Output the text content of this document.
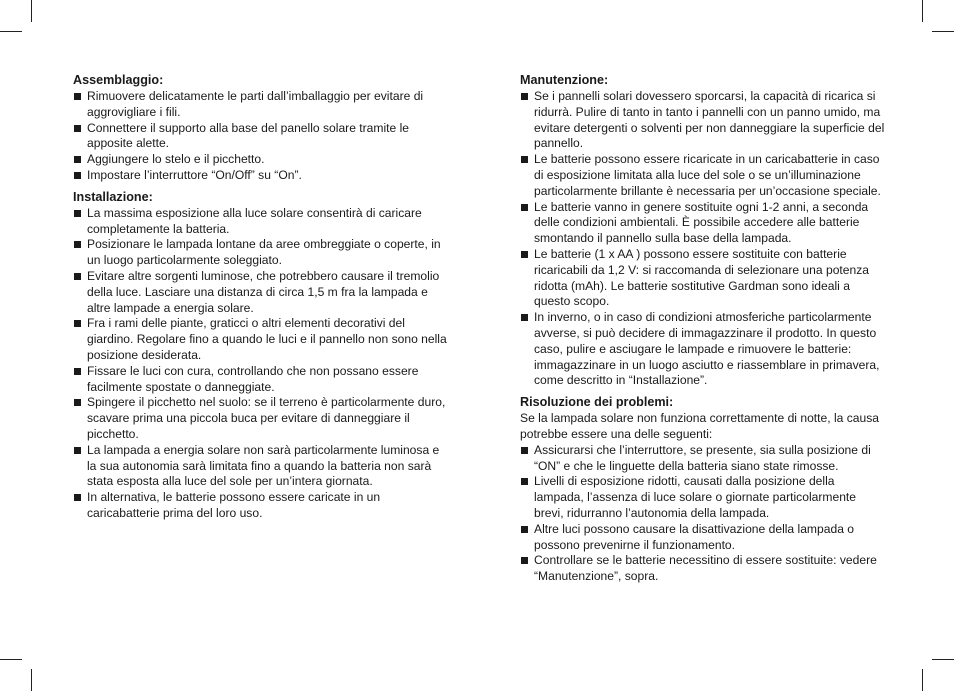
Assemblaggio:
Rimuovere delicatamente le parti dall’imballaggio per evitare di aggrovigliare i fili.
Connettere il supporto alla base del panello solare tramite le apposite alette.
Aggiungere lo stelo e il picchetto.
Impostare l’interruttore “On/Off” su “On”.
Installazione:
La massima esposizione alla luce solare consentirà di caricare completamente la batteria.
Posizionare le lampada lontane da aree ombreggiate o coperte, in un luogo particolarmente soleggiato.
Evitare altre sorgenti luminose, che potrebbero causare il tremolio della luce. Lasciare una distanza di circa 1,5 m fra la lampada e altre lampade a energia solare.
Fra i rami delle piante, graticci o altri elementi decorativi del giardino. Regolare fino a quando le luci e il pannello non sono nella posizione desiderata.
Fissare le luci con cura, controllando che non possano essere facilmente spostate o danneggiate.
Spingere il picchetto nel suolo: se il terreno è particolarmente duro, scavare prima una piccola buca per evitare di danneggiare il picchetto.
La lampada a energia solare non sarà particolarmente luminosa e la sua autonomia sarà limitata fino a quando la batteria non sarà stata esposta alla luce del sole per un’intera giornata.
In alternativa, le batterie possono essere caricate in un caricabatterie prima del loro uso.
Manutenzione:
Se i pannelli solari dovessero sporcarsi, la capacità di ricarica si ridurrà. Pulire di tanto in tanto i pannelli con un panno umido, ma evitare detergenti o solventi per non danneggiare la superficie del pannello.
Le batterie possono essere ricaricate in un caricabatterie in caso di esposizione limitata alla luce del sole o se un’illuminazione particolarmente brillante è necessaria per un’occasione speciale.
Le batterie vanno in genere sostituite ogni 1-2 anni, a seconda delle condizioni ambientali. È possibile accedere alle batterie smontando il pannello sulla base della lampada.
Le batterie (1 x AA ) possono essere sostituite con batterie ricaricabili da 1,2 V: si raccomanda di selezionare una potenza ridotta (mAh). Le batterie sostitutive Gardman sono ideali a questo scopo.
In inverno, o in caso di condizioni atmosferiche particolarmente avverse, si può decidere di immagazzinare il prodotto. In questo caso, pulire e asciugare le lampade e rimuovere le batterie: immagazzinare in un luogo asciutto e riassemblare in primavera, come descritto in “Installazione”.
Risoluzione dei problemi:

Se la lampada solare non funziona correttamente di notte, la causa potrebbe essere una delle seguenti:

Assicurarsi che l’interruttore, se presente, sia sulla posizione di “ON” e che le linguette della batteria siano state rimosse.
Livelli di esposizione ridotti, causati dalla posizione della lampada, l’assenza di luce solare o giornate particolarmente brevi, ridurranno l’autonomia della lampada.
Altre luci possono causare la disattivazione della lampada o possono prevenirne il funzionamento.
Controllare se le batterie necessitino di essere sostituite: vedere “Manutenzione”, sopra.
